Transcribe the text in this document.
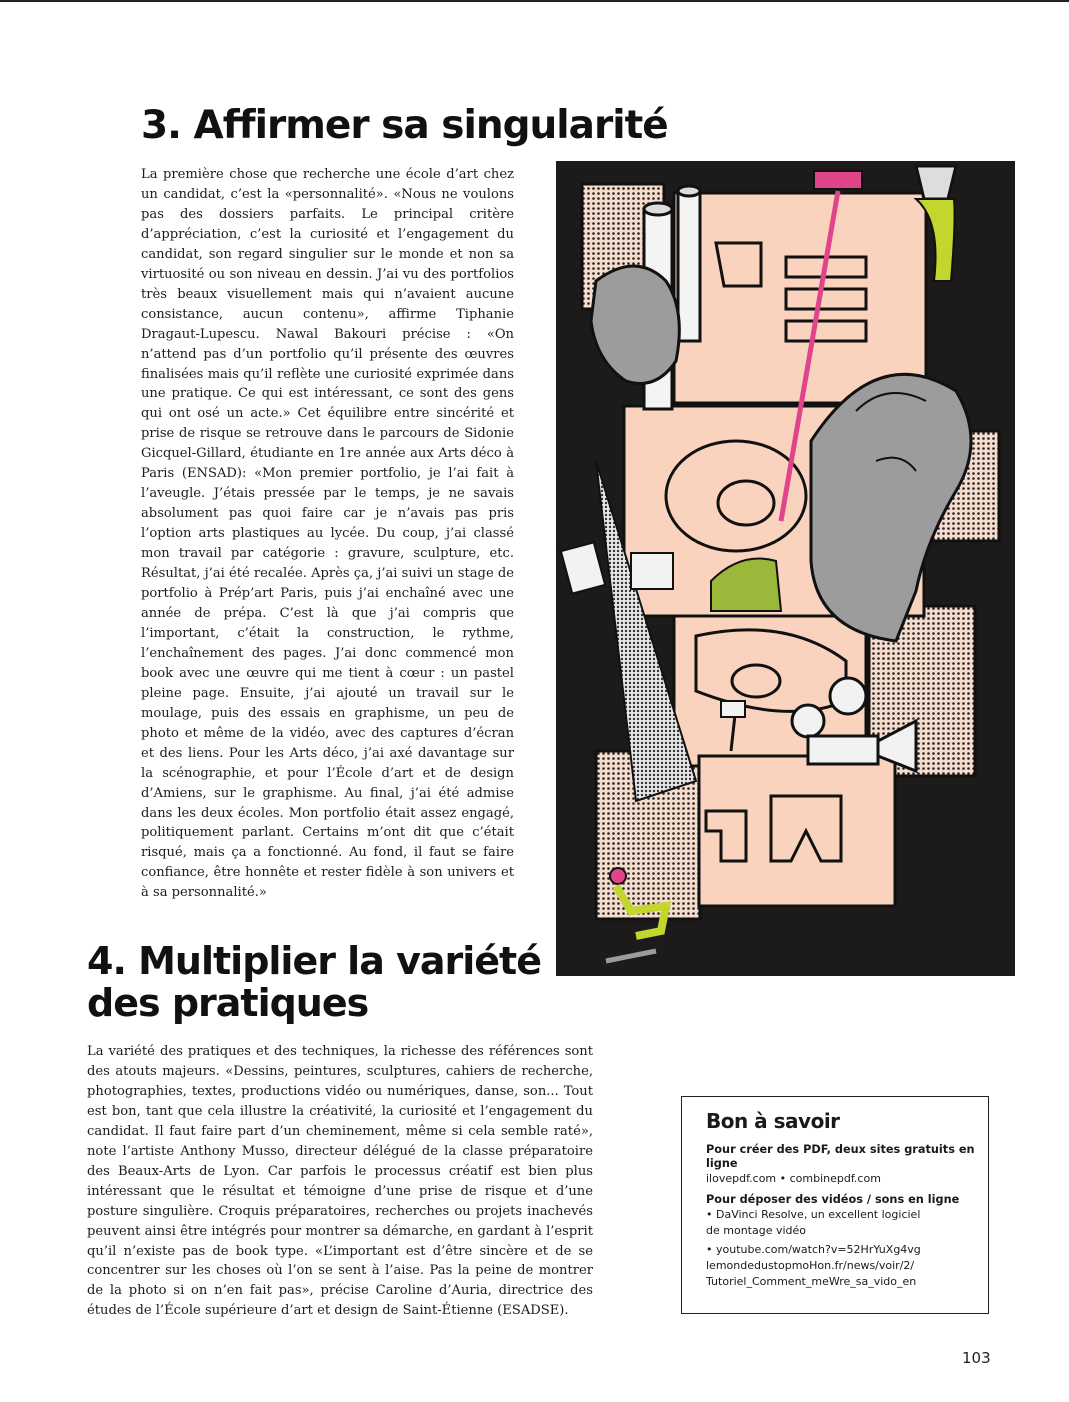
3. Affirmer sa singularité

La première chose que recherche une école d’art chez un candidat, c’est la «personnalité». «Nous ne voulons pas des dossiers parfaits. Le principal critère d’appréciation, c’est la curiosité et l’engagement du candidat, son regard singulier sur le monde et non sa virtuosité ou son niveau en dessin. J’ai vu des portfolios très beaux visuellement mais qui n’avaient aucune consistance, aucun contenu», affirme Tiphanie Dragaut-Lupescu. Nawal Bakouri précise : «On n’attend pas d’un portfolio qu’il présente des œuvres finalisées mais qu’il reflète une curiosité exprimée dans une pratique. Ce qui est intéressant, ce sont des gens qui ont osé un acte.» Cet équilibre entre sincérité et prise de risque se retrouve dans le parcours de Sidonie Gicquel-Gillard, étudiante en 1re année aux Arts déco à Paris (ENSAD): «Mon premier portfolio, je l’ai fait à l’aveugle. J’étais pressée par le temps, je ne savais absolument pas quoi faire car je n’avais pas pris l’option arts plastiques au lycée. Du coup, j’ai classé mon travail par catégorie : gravure, sculpture, etc. Résultat, j’ai été recalée. Après ça, j’ai suivi un stage de portfolio à Prép’art Paris, puis j’ai enchaîné avec une année de prépa. C’est là que j’ai compris que l’important, c’était la construction, le rythme, l’enchaînement des pages. J’ai donc commencé mon book avec une œuvre qui me tient à cœur : un pastel pleine page. Ensuite, j’ai ajouté un travail sur le moulage, puis des essais en graphisme, un peu de photo et même de la vidéo, avec des captures d’écran et des liens. Pour les Arts déco, j’ai axé davantage sur la scénographie, et pour l’École d’art et de design d’Amiens, sur le graphisme. Au final, j’ai été admise dans les deux écoles. Mon portfolio était assez engagé, politiquement parlant. Certains m’ont dit que c’était risqué, mais ça a fonctionné. Au fond, il faut se faire confiance, être honnête et rester fidèle à son univers et à sa personnalité.»

4. Multiplier la variété des pratiques

La variété des pratiques et des techniques, la richesse des références sont des atouts majeurs. «Dessins, peintures, sculptures, cahiers de recherche, photographies, textes, productions vidéo ou numériques, danse, son... Tout est bon, tant que cela illustre la créativité, la curiosité et l’engagement du candidat. Il faut faire part d’un cheminement, même si cela semble raté», note l’artiste Anthony Musso, directeur délégué de la classe préparatoire des Beaux-Arts de Lyon. Car parfois le processus créatif est bien plus intéressant que le résultat et témoigne d’une prise de risque et d’une posture singulière. Croquis préparatoires, recherches ou projets inachevés peuvent ainsi être intégrés pour montrer sa démarche, en gardant à l’esprit qu’il n’existe pas de book type. «L’important est d’être sincère et de se concentrer sur les choses où l’on se sent à l’aise. Pas la peine de montrer de la photo si on n’en fait pas», précise Caroline d’Auria, directrice des études de l’École supérieure d’art et design de Saint-Étienne (ESADSE).

Bon à savoir

Pour créer des PDF, deux sites gratuits en ligne

ilovepdf.com • combinepdf.com

Pour déposer des vidéos / sons en ligne

• DaVinci Resolve, un excellent logiciel

de montage vidéo

• youtube.com/watch?v=52HrYuXg4vg

lemondedustopmoHon.fr/news/voir/2/

Tutoriel_Comment_meWre_sa_vido_en

103
